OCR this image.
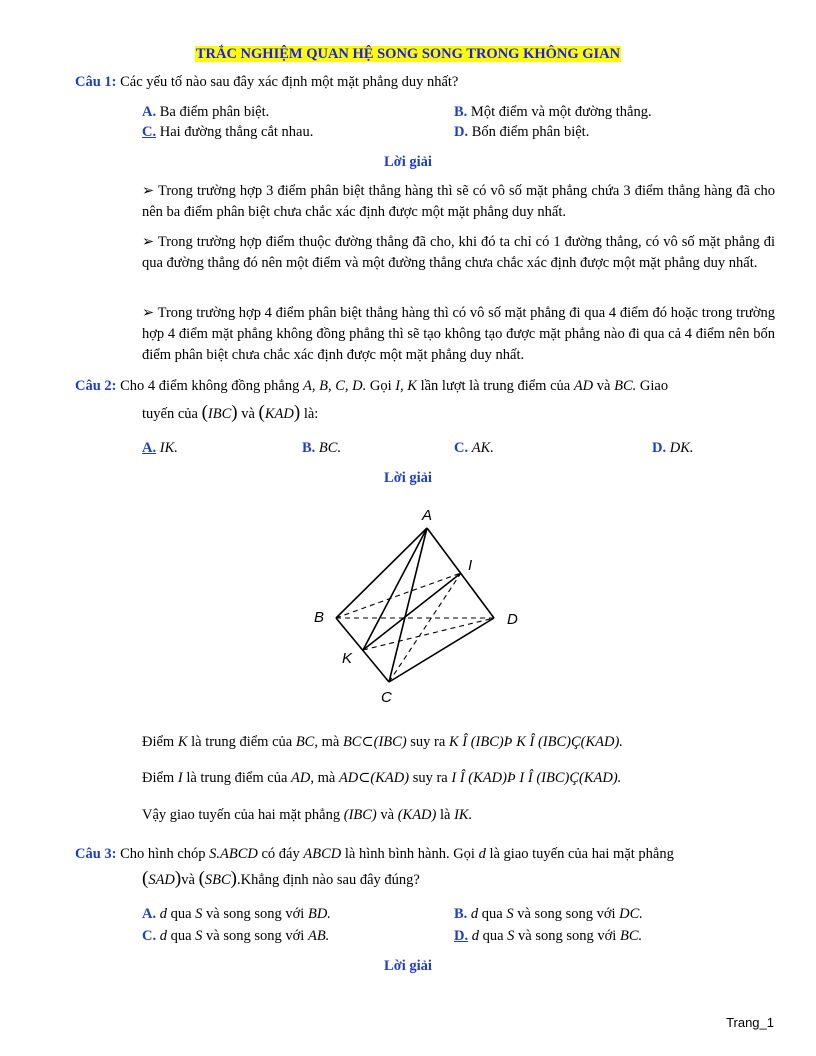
TRẮC NGHIỆM QUAN HỆ SONG SONG TRONG KHÔNG GIAN
Câu 1: Các yếu tố nào sau đây xác định một mặt phẳng duy nhất?
A. Ba điểm phân biệt.	B. Một điểm và một đường thẳng.
C. Hai đường thẳng cắt nhau.	D. Bốn điểm phân biệt.
Lời giải
➢ Trong trường hợp 3 điểm phân biệt thẳng hàng thì sẽ có vô số mặt phẳng chứa 3 điểm thẳng hàng đã cho nên ba điểm phân biệt chưa chắc xác định được một mặt phẳng duy nhất.
➢ Trong trường hợp điểm thuộc đường thẳng đã cho, khi đó ta chỉ có 1 đường thẳng, có vô số mặt phẳng đi qua đường thẳng đó nên một điểm và một đường thẳng chưa chắc xác định được một mặt phẳng duy nhất.
➢ Trong trường hợp 4 điểm phân biệt thẳng hàng thì có vô số mặt phẳng đi qua 4 điểm đó hoặc trong trường hợp 4 điểm mặt phẳng không đồng phẳng thì sẽ tạo không tạo được mặt phẳng nào đi qua cả 4 điểm nên bốn điểm phân biệt chưa chắc xác định được một mặt phẳng duy nhất.
Câu 2: Cho 4 điểm không đồng phẳng A, B, C, D. Gọi I, K lần lượt là trung điểm của AD và BC. Giao
tuyến của (IBC) và (KAD) là:
A. IK.	B. BC.	C. AK.	D. DK.
Lời giải
A
I
B	D
K
C
Điểm K là trung điểm của BC, mà BC⊂(IBC) suy ra K Î (IBC)Þ K Î (IBC)Ç(KAD).
Điểm I là trung điểm của AD, mà AD⊂(KAD) suy ra I Î (KAD)Þ I Î (IBC)Ç(KAD).
Vậy giao tuyến của hai mặt phẳng (IBC) và (KAD) là IK.
Câu 3: Cho hình chóp S.ABCD có đáy ABCD là hình bình hành. Gọi d là giao tuyến của hai mặt phẳng
(SAD)và (SBC).Khẳng định nào sau đây đúng?
A. d qua S và song song với BD.	B. d qua S và song song với DC.
C. d qua S và song song với AB.	D. d qua S và song song với BC.
Lời giải
Trang_1
